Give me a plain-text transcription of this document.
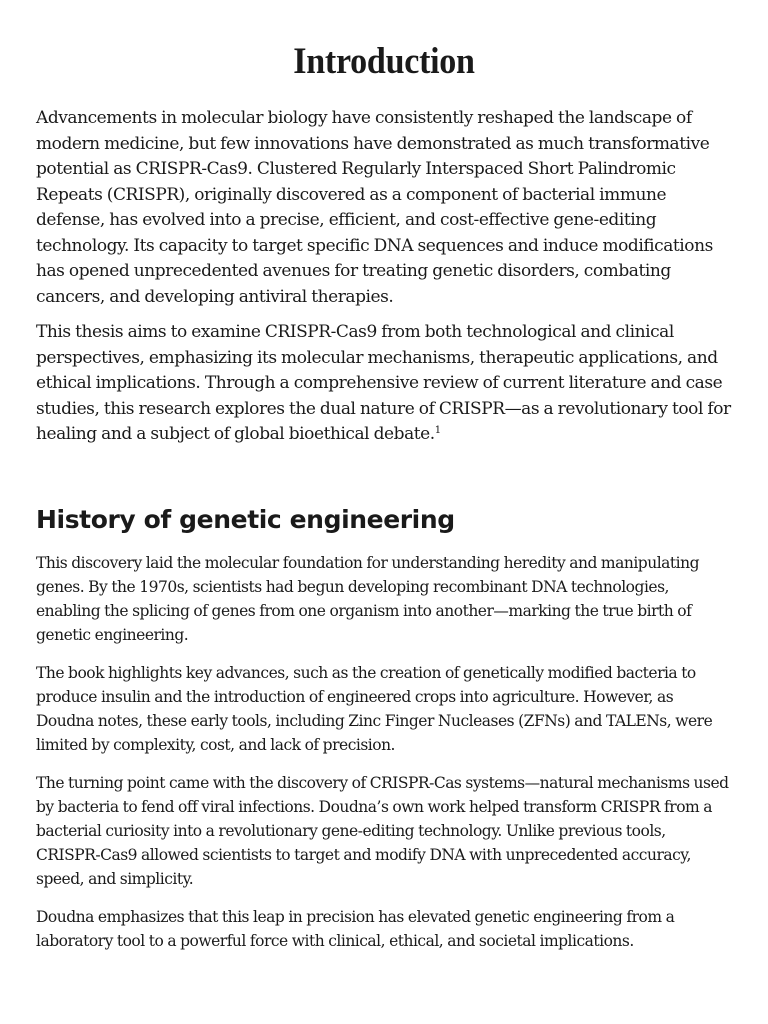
Introduction

Advancements in molecular biology have consistently reshaped the landscape of modern medicine, but few innovations have demonstrated as much transformative potential as CRISPR-Cas9. Clustered Regularly Interspaced Short Palindromic Repeats (CRISPR), originally discovered as a component of bacterial immune defense, has evolved into a precise, efficient, and cost-effective gene-editing technology. Its capacity to target specific DNA sequences and induce modifications has opened unprecedented avenues for treating genetic disorders, combating cancers, and developing antiviral therapies.

This thesis aims to examine CRISPR-Cas9 from both technological and clinical perspectives, emphasizing its molecular mechanisms, therapeutic applications, and ethical implications. Through a comprehensive review of current literature and case studies, this research explores the dual nature of CRISPR—as a revolutionary tool for healing and a subject of global bioethical debate.$^1$

History of genetic engineering

This discovery laid the molecular foundation for understanding heredity and manipulating genes. By the 1970s, scientists had begun developing recombinant DNA technologies, enabling the splicing of genes from one organism into another—marking the true birth of genetic engineering.

The book highlights key advances, such as the creation of genetically modified bacteria to produce insulin and the introduction of engineered crops into agriculture. However, as Doudna notes, these early tools, including Zinc Finger Nucleases (ZFNs) and TALENs, were limited by complexity, cost, and lack of precision.

The turning point came with the discovery of CRISPR-Cas systems—natural mechanisms used by bacteria to fend off viral infections. Doudna’s own work helped transform CRISPR from a bacterial curiosity into a revolutionary gene-editing technology. Unlike previous tools, CRISPR-Cas9 allowed scientists to target and modify DNA with unprecedented accuracy, speed, and simplicity.

Doudna emphasizes that this leap in precision has elevated genetic engineering from a laboratory tool to a powerful force with clinical, ethical, and societal implications.
